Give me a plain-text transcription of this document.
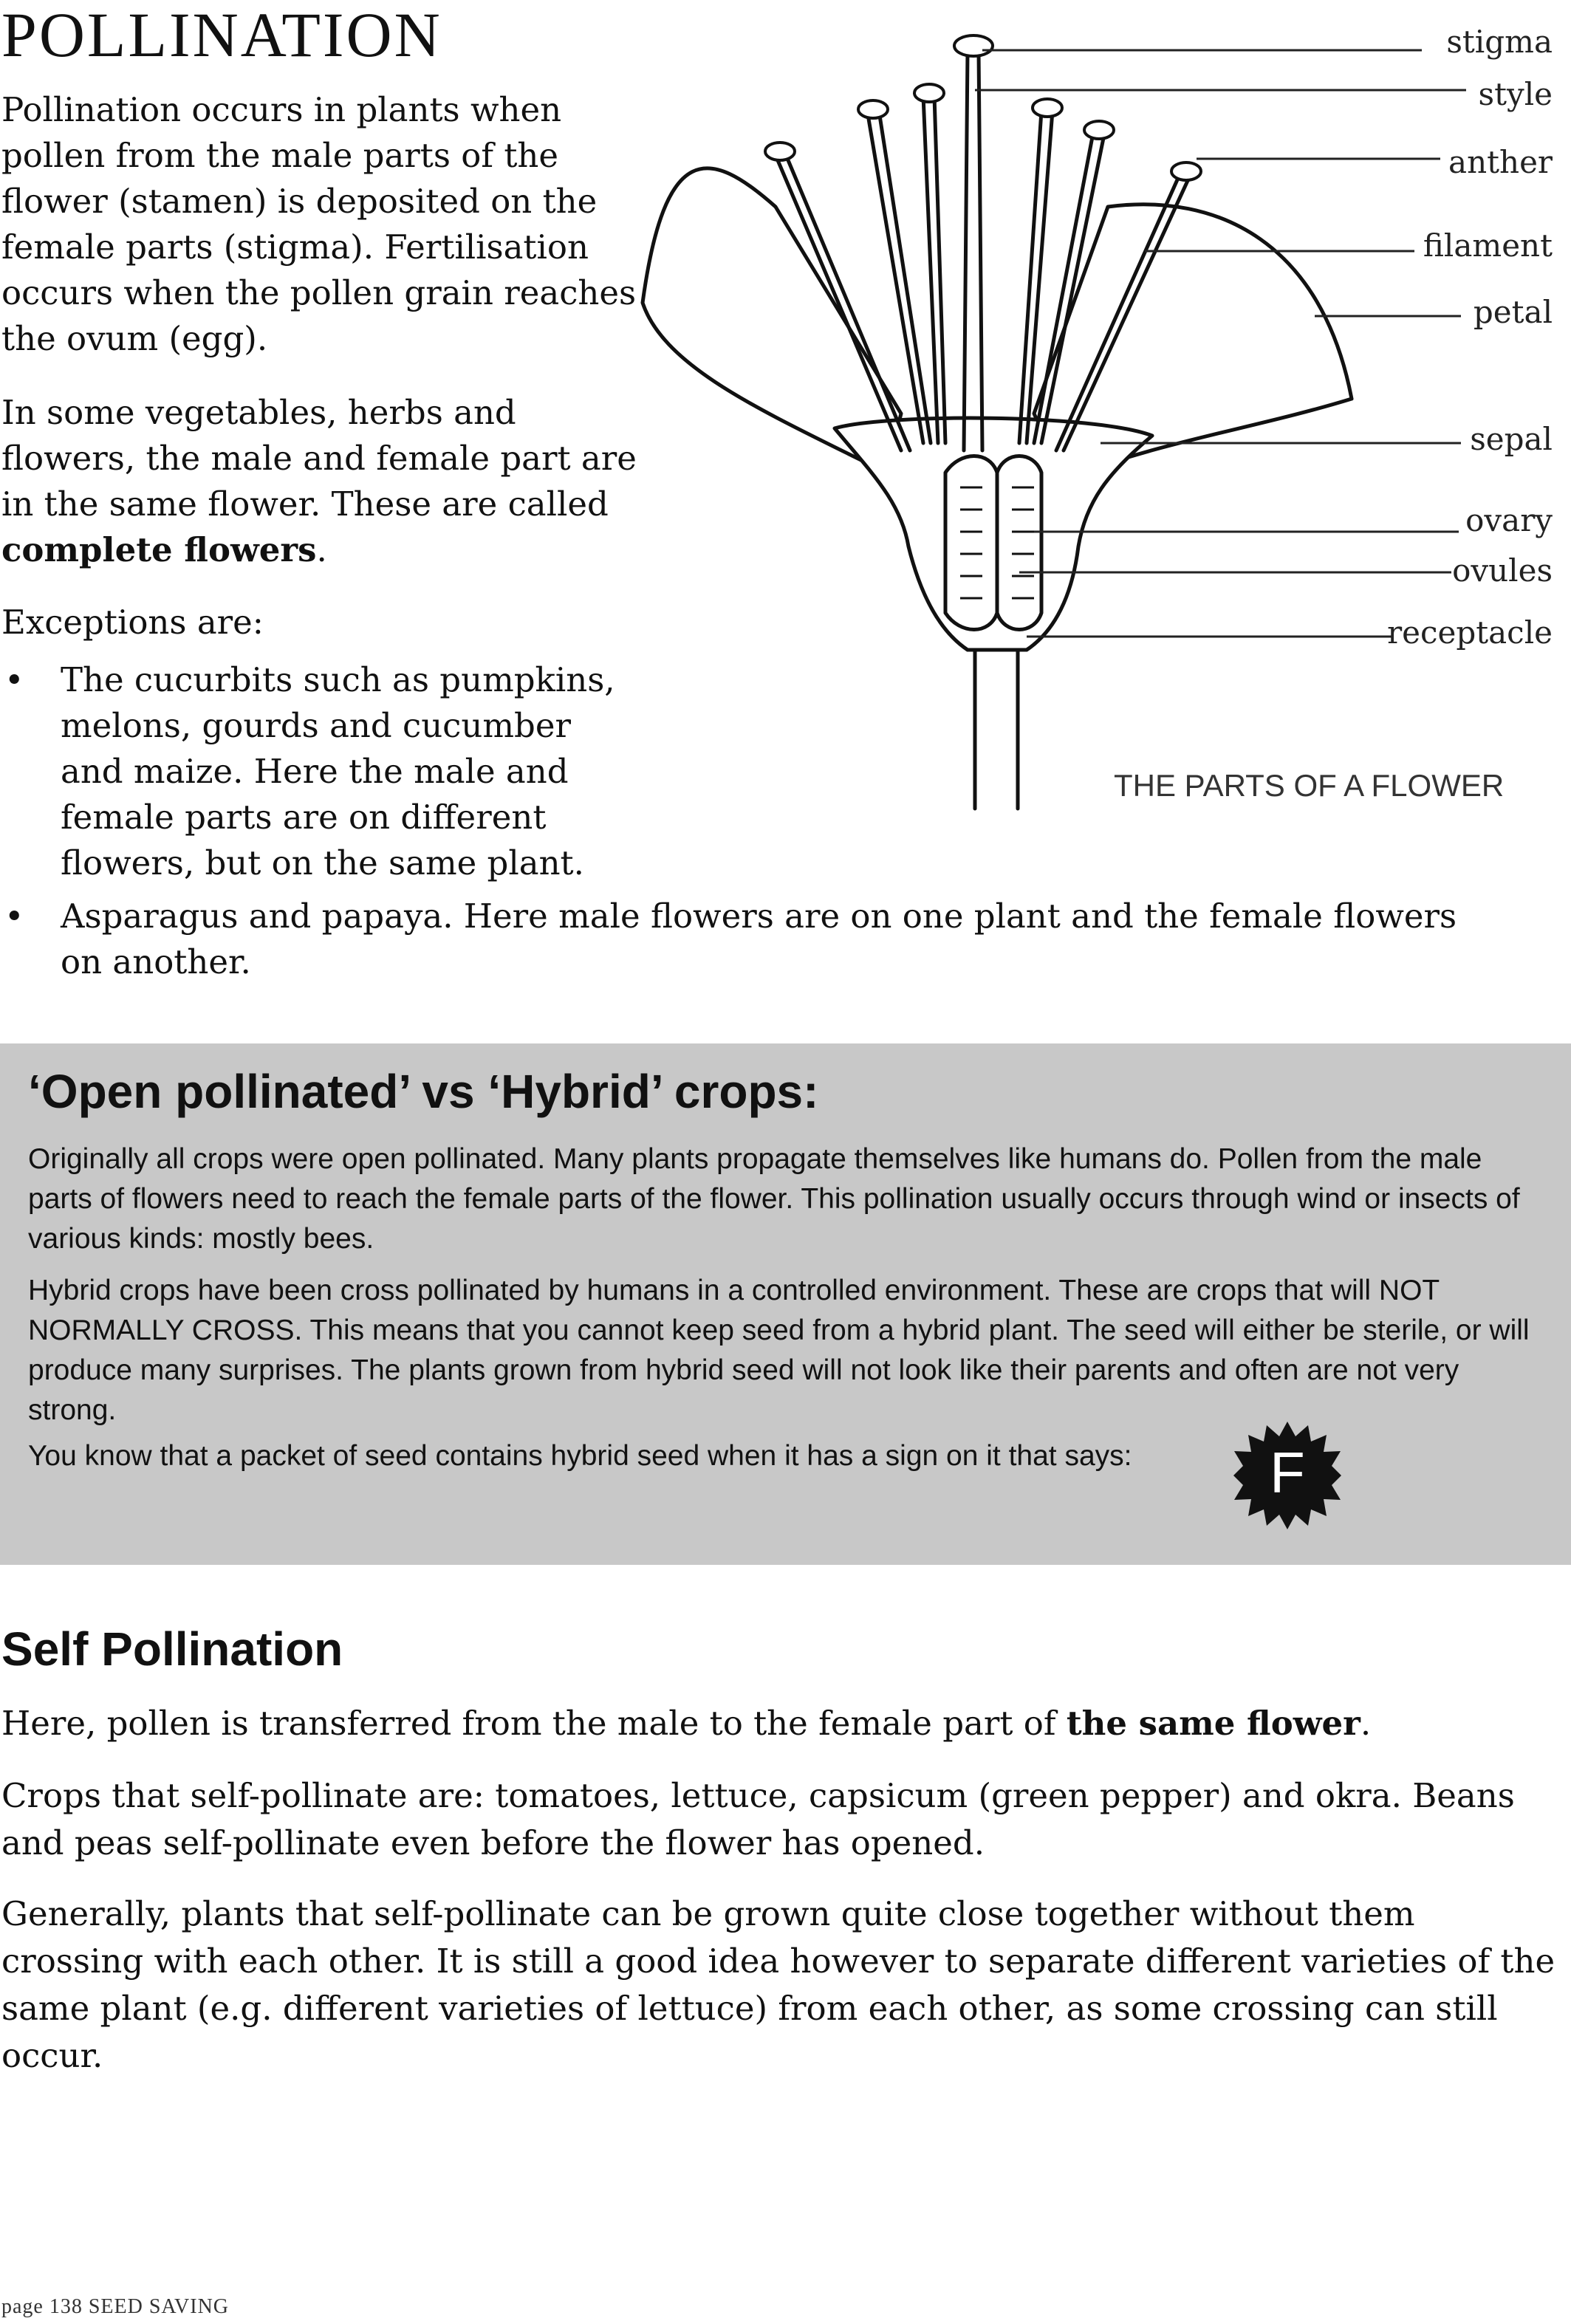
POLLINATION

Pollination occurs in plants when pollen from the male parts of the flower (stamen) is deposited on the female parts (stigma). Fertilisation occurs when the pollen grain reaches the ovum (egg).

In some vegetables, herbs and flowers, the male and female part are in the same flower. These are called complete flowers.

Exceptions are:

• The cucurbits such as pumpkins, melons, gourds and cucumber and maize. Here the male and female parts are on different flowers, but on the same plant.
• Asparagus and papaya. Here male flowers are on one plant and the female flowers on another.
stigma
style
anther
filament
petal
sepal
ovary
ovules
receptacle
THE PARTS OF A FLOWER
‘Open pollinated’ vs ‘Hybrid’ crops:

Originally all crops were open pollinated. Many plants propagate themselves like humans do. Pollen from the male parts of flowers need to reach the female parts of the flower. This pollination usually occurs through wind or insects of various kinds: mostly bees.

Hybrid crops have been cross pollinated by humans in a controlled environment. These are crops that will NOT NORMALLY CROSS. This means that you cannot keep seed from a hybrid plant. The seed will either be sterile, or will produce many surprises. The plants grown from hybrid seed will not look like their parents and often are not very strong.

You know that a packet of seed contains hybrid seed when it has a sign on it that says:	F
Self Pollination

Here, pollen is transferred from the male to the female part of the same flower.

Crops that self-pollinate are: tomatoes, lettuce, capsicum (green pepper) and okra. Beans and peas self-pollinate even before the flower has opened.

Generally, plants that self-pollinate can be grown quite close together without them crossing with each other. It is still a good idea however to separate different varieties of the same plant (e.g. different varieties of lettuce) from each other, as some crossing can still occur.

page 138 SEED SAVING
